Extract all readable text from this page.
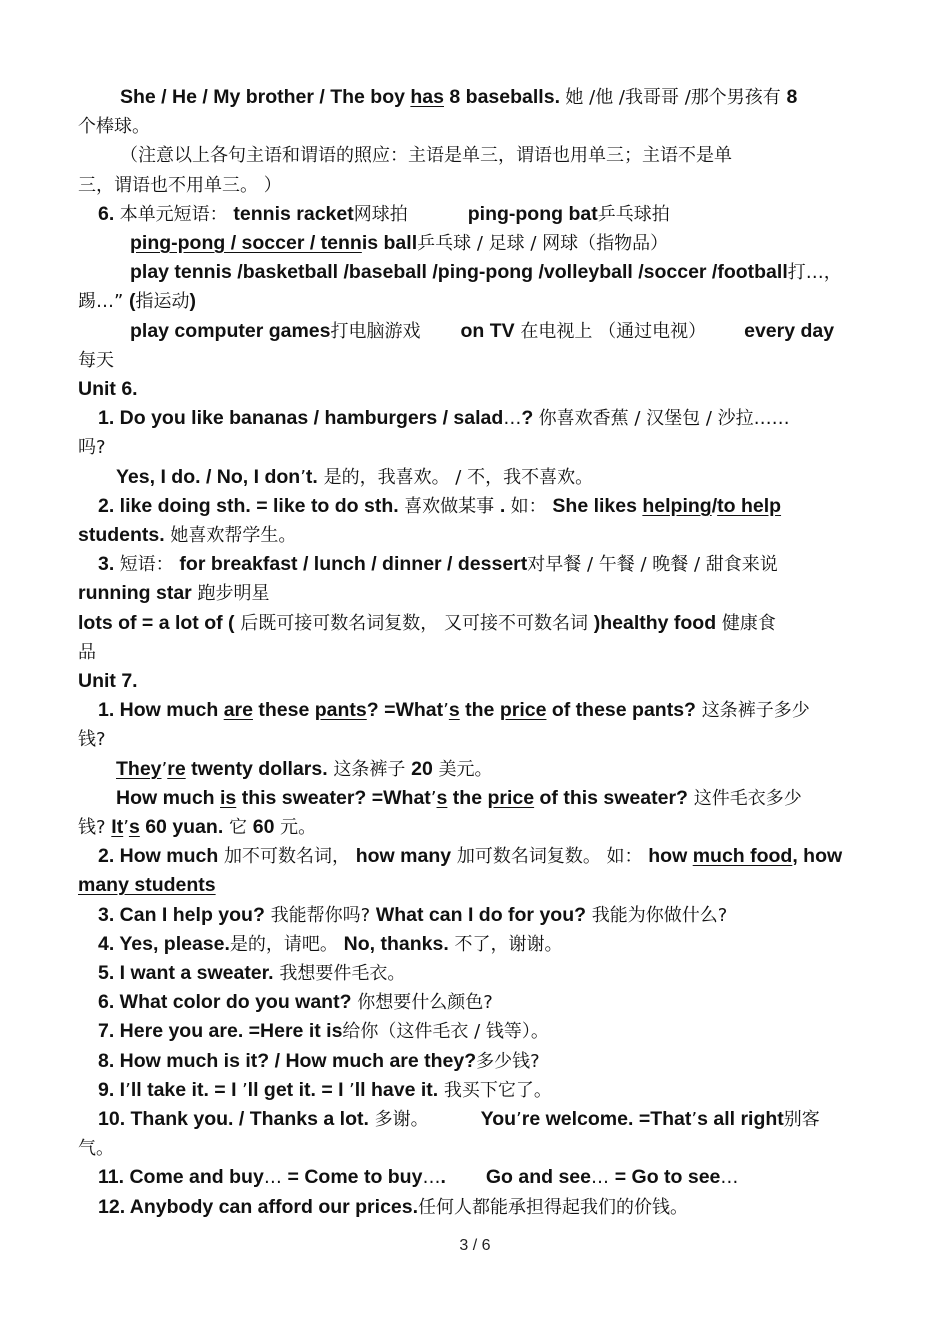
She / He / My brother / The boy has 8 baseballs. 她 /他 /我哥哥 /那个男孩有 8
个棒球。
（注意以上各句主语和谓语的照应：主语是单三，谓语也用单三；主语不是单
三，谓语也不用单三。 ）
6. 本单元短语： tennis racket网球拍	ping-pong bat乒乓球拍
ping-pong / soccer / tennis ball乒乓球 / 足球 / 网球（指物品）
play tennis /basketball /baseball /ping-pong /volleyball /soccer /football打…，
踢…” (指运动)
play computer games打电脑游戏 on TV 在电视上 （通过电视） every day
每天
Unit 6.
1. Do you like bananas / hamburgers / salad…? 你喜欢香蕉 / 汉堡包 / 沙拉……
吗?
Yes, I do. / No, I don’t. 是的，我喜欢。 / 不，我不喜欢。
2. like doing sth. = like to do sth. 喜欢做某事 . 如： She likes helping/to help
students. 她喜欢帮学生。
3. 短语： for breakfast / lunch / dinner / dessert对早餐 / 午餐 / 晚餐 / 甜食来说
running star 跑步明星
lots of = a lot of ( 后既可接可数名词复数， 又可接不可数名词 )healthy food 健康食
品
Unit 7.
1. How much are these pants? =What’s the price of these pants? 这条裤子多少
钱?
They’re twenty dollars. 这条裤子 20 美元。
How much is this sweater? =What’s the price of this sweater? 这件毛衣多少
钱? It’s 60 yuan. 它 60 元。
2. How much 加不可数名词， how many 加可数名词复数。 如： how much food, how
many students
3. Can I help you? 我能帮你吗? What can I do for you? 我能为你做什么?
4. Yes, please.是的，请吧。 No, thanks. 不了，谢谢。
5. I want a sweater. 我想要件毛衣。
6. What color do you want? 你想要什么颜色?
7. Here you are. =Here it is给你（这件毛衣 / 钱等）。
8. How much is it? / How much are they?多少钱?
9. I’ll take it. = I ’ll get it. = I ’ll have it. 我买下它了。
10. Thank you. / Thanks a lot. 多谢。	You’re welcome. =That’s all right别客
气。
11. Come and buy… = Come to buy…. Go and see… = Go to see…
12. Anybody can afford our prices.任何人都能承担得起我们的价钱。
3 / 6
